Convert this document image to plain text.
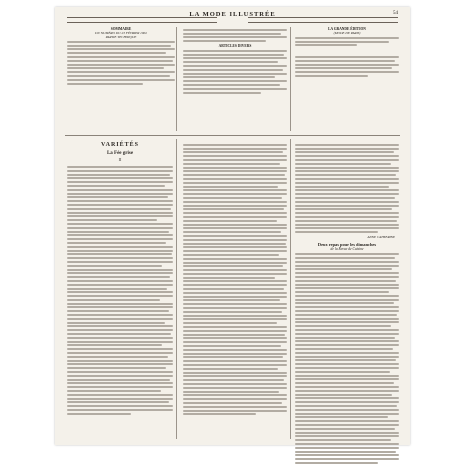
LA MODE ILLUSTRÉE	54
SOMMAIRE
DU NUMÉRO DU 23 FÉVRIER 1902
PARTIE TECHNIQUE
ARTICLES DIVERS
LA GRANDE ÉDITION
(MODE DE PARIS)
VARIÉTÉS
La Fée grise
II
ANNE CATHERINE
Deux repas pour les dimanches
de la Revue de Cuisine
